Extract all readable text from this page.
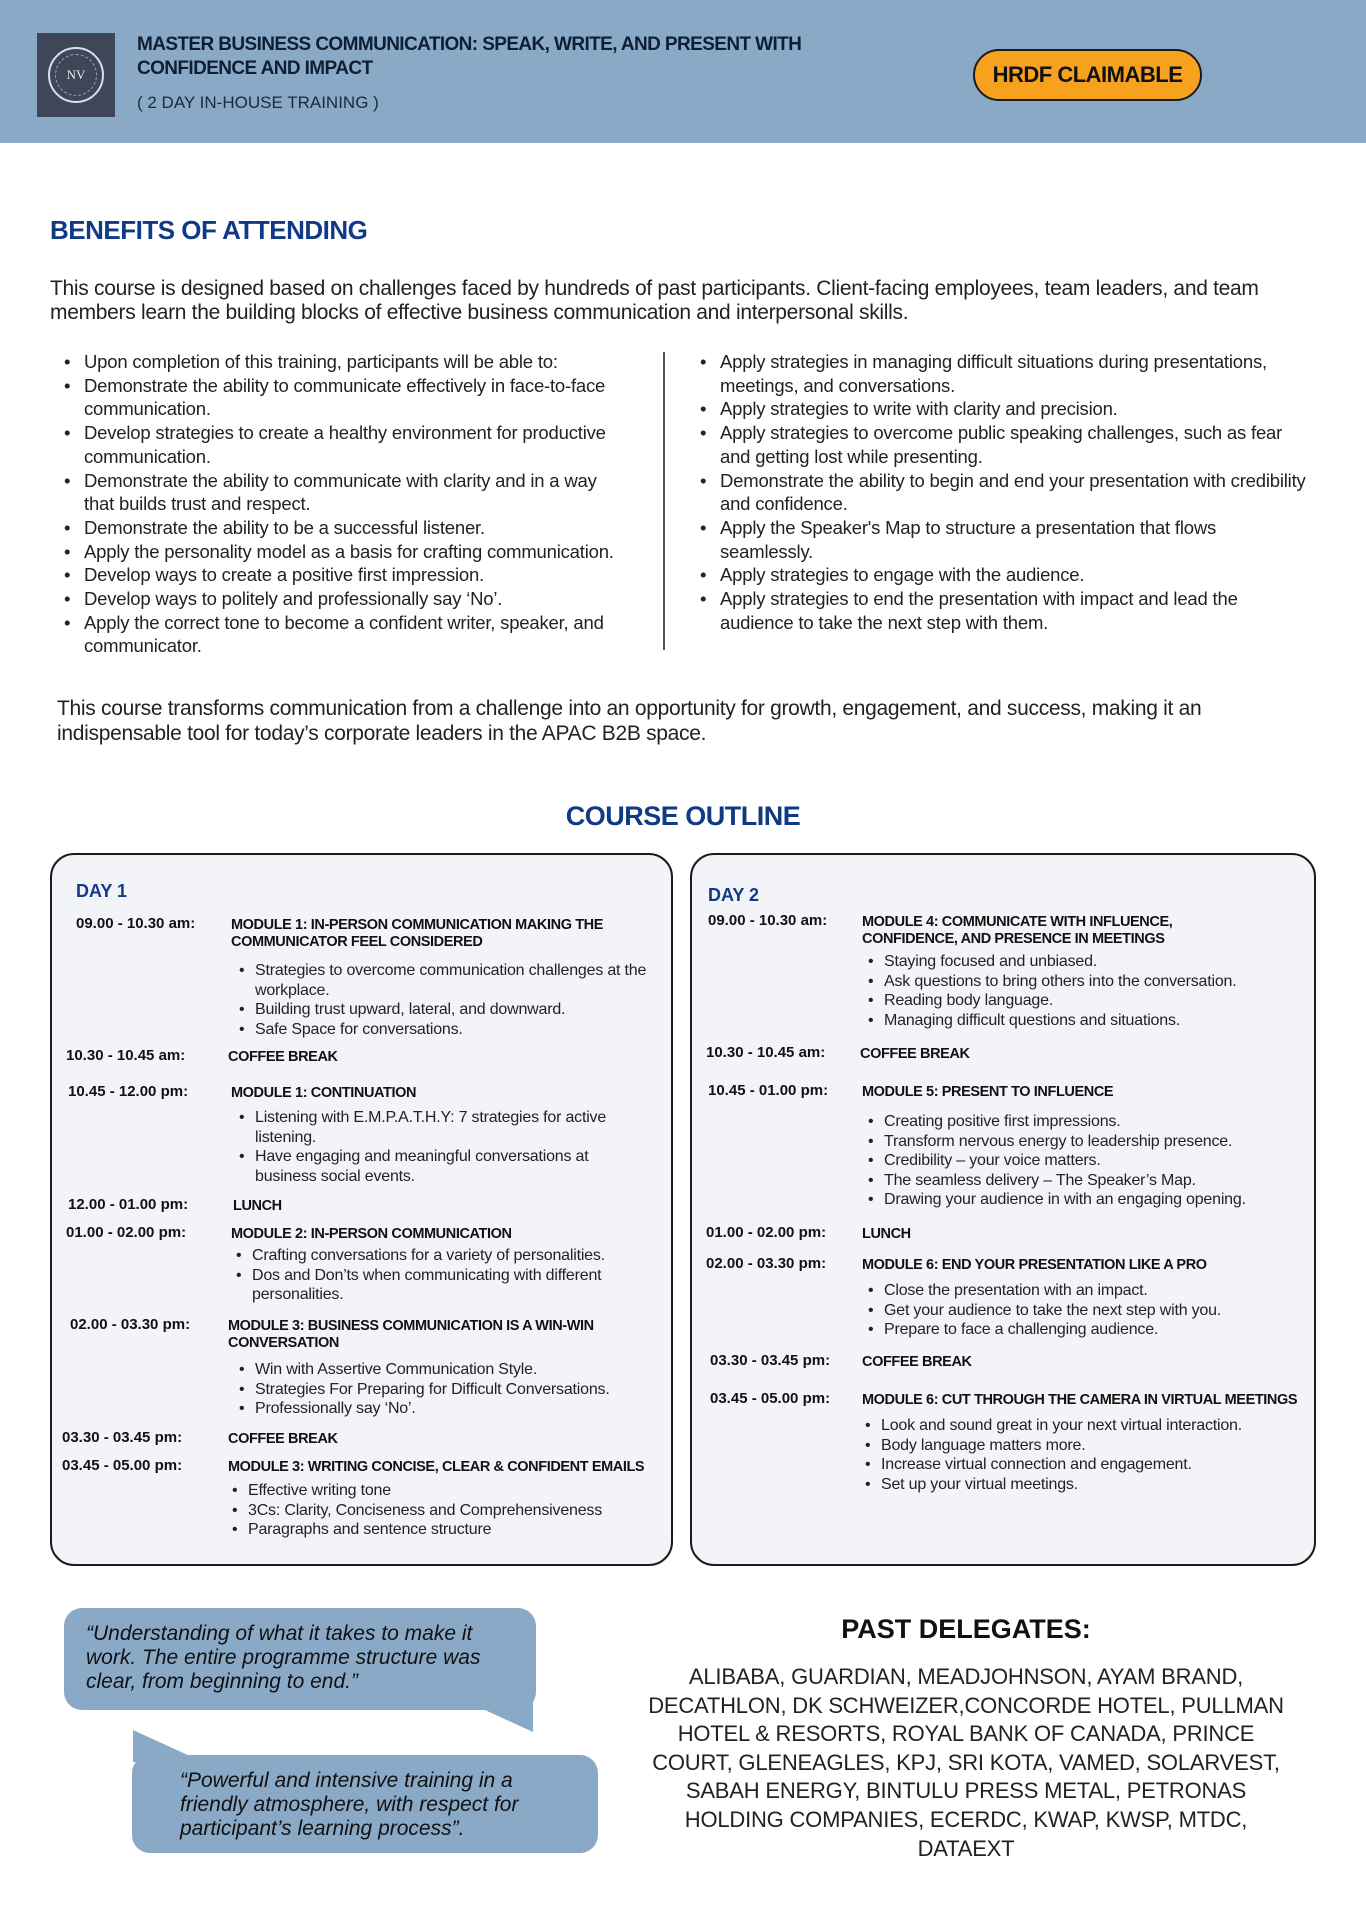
NV
MASTER BUSINESS COMMUNICATION: SPEAK, WRITE, AND PRESENT WITH CONFIDENCE AND IMPACT
( 2 DAY IN-HOUSE TRAINING )
HRDF CLAIMABLE
BENEFITS OF ATTENDING
This course is designed based on challenges faced by hundreds of past participants. Client-facing employees, team leaders, and team members learn the building blocks of effective business communication and interpersonal skills.
• Upon completion of this training, participants will be able to:
• Demonstrate the ability to communicate effectively in face-to-face communication.
• Develop strategies to create a healthy environment for productive communication.
• Demonstrate the ability to communicate with clarity and in a way that builds trust and respect.
• Demonstrate the ability to be a successful listener.
• Apply the personality model as a basis for crafting communication.
• Develop ways to create a positive first impression.
• Develop ways to politely and professionally say ‘No’.
• Apply the correct tone to become a confident writer, speaker, and communicator.
• Apply strategies in managing difficult situations during presentations, meetings, and conversations.
• Apply strategies to write with clarity and precision.
• Apply strategies to overcome public speaking challenges, such as fear and getting lost while presenting.
• Demonstrate the ability to begin and end your presentation with credibility and confidence.
• Apply the Speaker's Map to structure a presentation that flows seamlessly.
• Apply strategies to engage with the audience.
• Apply strategies to end the presentation with impact and lead the audience to take the next step with them.
This course transforms communication from a challenge into an opportunity for growth, engagement, and success, making it an indispensable tool for today’s corporate leaders in the APAC B2B space.
COURSE OUTLINE
DAY 1
09.00 - 10.30 am: MODULE 1: IN-PERSON COMMUNICATION MAKING THE COMMUNICATOR FEEL CONSIDERED
• Strategies to overcome communication challenges at the workplace.
• Building trust upward, lateral, and downward.
• Safe Space for conversations.
10.30 - 10.45 am:	COFFEE BREAK
10.45 - 12.00 pm:	MODULE 1: CONTINUATION
• Listening with E.M.P.A.T.H.Y: 7 strategies for active listening.
• Have engaging and meaningful conversations at business social events.
12.00 - 01.00 pm:	LUNCH
01.00 - 02.00 pm:	MODULE 2: IN-PERSON COMMUNICATION
• Crafting conversations for a variety of personalities.
• Dos and Don’ts when communicating with different personalities.
02.00 - 03.30 pm:	MODULE 3: BUSINESS COMMUNICATION IS A WIN-WIN CONVERSATION
• Win with Assertive Communication Style.
• Strategies For Preparing for Difficult Conversations.
• Professionally say ‘No’.
03.30 - 03.45 pm:	COFFEE BREAK
03.45 - 05.00 pm:	MODULE 3: WRITING CONCISE, CLEAR & CONFIDENT EMAILS
• Effective writing tone
• 3Cs: Clarity, Conciseness and Comprehensiveness
• Paragraphs and sentence structure
DAY 2
09.00 - 10.30 am: MODULE 4: COMMUNICATE WITH INFLUENCE, CONFIDENCE, AND PRESENCE IN MEETINGS
• Staying focused and unbiased.
• Ask questions to bring others into the conversation.
• Reading body language.
• Managing difficult questions and situations.
10.30 - 10.45 am: COFFEE BREAK
10.45 - 01.00 pm: MODULE 5: PRESENT TO INFLUENCE
• Creating positive first impressions.
• Transform nervous energy to leadership presence.
• Credibility – your voice matters.
• The seamless delivery – The Speaker’s Map.
• Drawing your audience in with an engaging opening.
01.00 - 02.00 pm: LUNCH
02.00 - 03.30 pm: MODULE 6: END YOUR PRESENTATION LIKE A PRO
• Close the presentation with an impact.
• Get your audience to take the next step with you.
• Prepare to face a challenging audience.
03.30 - 03.45 pm: COFFEE BREAK
03.45 - 05.00 pm: MODULE 6: CUT THROUGH THE CAMERA IN VIRTUAL MEETINGS
• Look and sound great in your next virtual interaction.
• Body language matters more.
• Increase virtual connection and engagement.
• Set up your virtual meetings.
“Understanding of what it takes to make it work. The entire programme structure was clear, from beginning to end.”
“Powerful and intensive training in a friendly atmosphere, with respect for participant’s learning process”.
PAST DELEGATES:
ALIBABA, GUARDIAN, MEADJOHNSON, AYAM BRAND, DECATHLON, DK SCHWEIZER,CONCORDE HOTEL, PULLMAN HOTEL & RESORTS, ROYAL BANK OF CANADA, PRINCE COURT, GLENEAGLES, KPJ, SRI KOTA, VAMED, SOLARVEST, SABAH ENERGY, BINTULU PRESS METAL, PETRONAS HOLDING COMPANIES, ECERDC, KWAP, KWSP, MTDC, DATAEXT
